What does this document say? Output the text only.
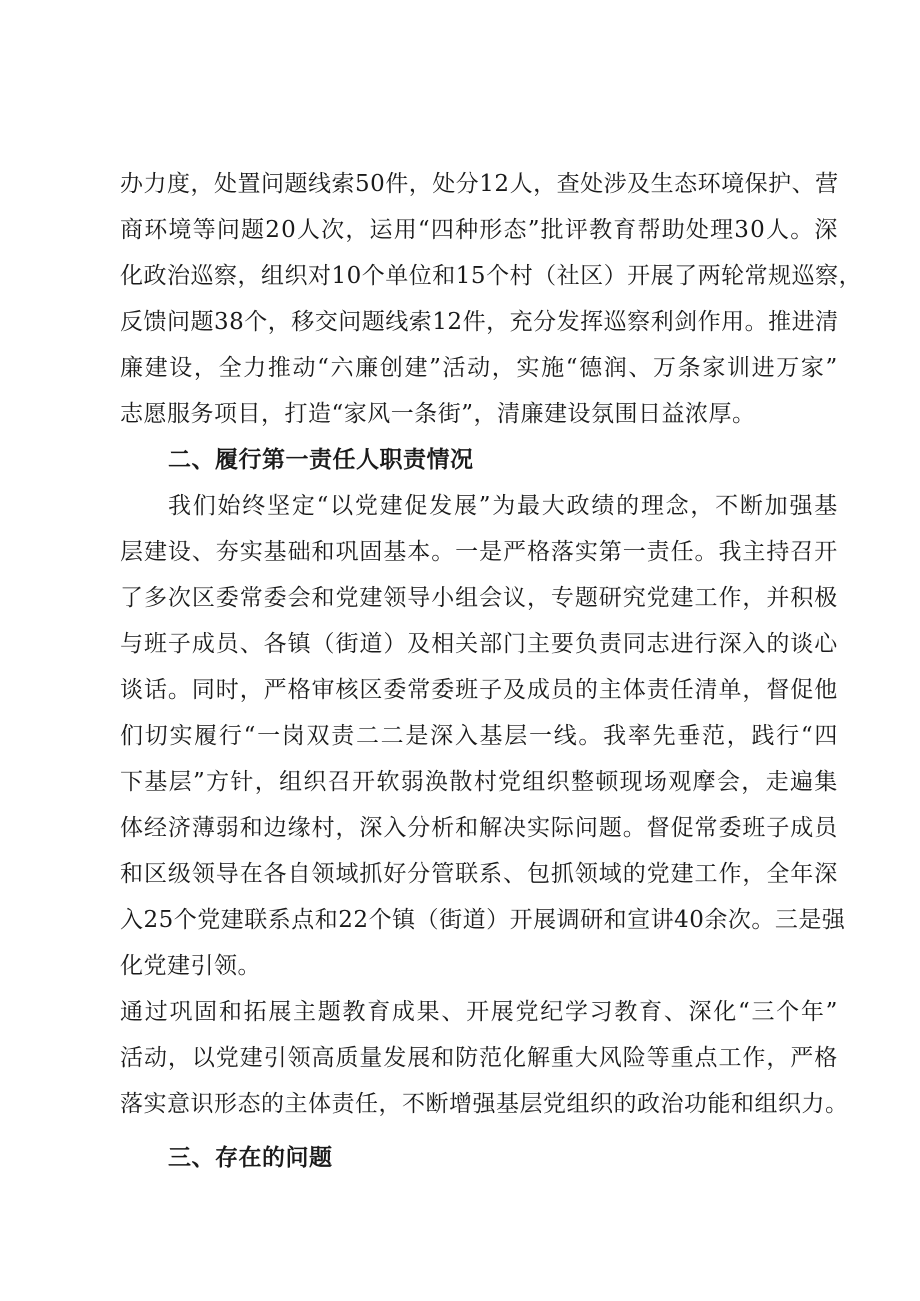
办 力 度 ， 处 置 问 题 线 索 5 0 件 ， 处 分 1 2 人 ， 查 处 涉 及 生 态 环 境 保 护 、 营
商 环 境 等 问 题 2 0 人 次 ， 运 用 “ 四 种 形 态 ” 批 评 教 育 帮 助 处 理 3 0 人 。 深
化 政 治 巡 察 ， 组 织 对 1 0 个 单 位 和 1 5 个 村 （ 社 区 ） 开 展 了 两 轮 常 规 巡 察 ，
反 馈 问 题 3 8 个 ， 移 交 问 题 线 索 1 2 件 ， 充 分 发 挥 巡 察 利 剑 作 用 。 推 进 清
廉 建 设 ， 全 力 推 动 “ 六 廉 创 建 ” 活 动 ， 实 施 “ 德 润 、 万 条 家 训 进 万 家 ”
志愿服务项目，打造“家风一条街”，清廉建设氛围日益浓厚。
二、履行第一责任人职责情况
我 们 始 终 坚 定 “ 以 党 建 促 发 展 ” 为 最 大 政 绩 的 理 念 ， 不 断 加 强 基
层 建 设 、 夯 实 基 础 和 巩 固 基 本 。 一 是 严 格 落 实 第 一 责 任 。 我 主 持 召 开
了 多 次 区 委 常 委 会 和 党 建 领 导 小 组 会 议 ， 专 题 研 究 党 建 工 作 ， 并 积 极
与 班 子 成 员 、 各 镇 （ 街 道 ） 及 相 关 部 门 主 要 负 责 同 志 进 行 深 入 的 谈 心
谈 话 。 同 时 ， 严 格 审 核 区 委 常 委 班 子 及 成 员 的 主 体 责 任 清 单 ， 督 促 他
们 切 实 履 行 “ 一 岗 双 责 二 二 是 深 入 基 层 一 线 。 我 率 先 垂 范 ， 践 行 “ 四
下 基 层 ” 方 针 ， 组 织 召 开 软 弱 涣 散 村 党 组 织 整 顿 现 场 观 摩 会 ， 走 遍 集
体 经 济 薄 弱 和 边 缘 村 ， 深 入 分 析 和 解 决 实 际 问 题 。 督 促 常 委 班 子 成 员
和 区 级 领 导 在 各 自 领 域 抓 好 分 管 联 系 、 包 抓 领 域 的 党 建 工 作 ， 全 年 深
入 2 5 个 党 建 联 系 点 和 2 2 个 镇 （ 街 道 ） 开 展 调 研 和 宣 讲 4 0 余 次 。 三 是 强
化党建引领。
通 过 巩 固 和 拓 展 主 题 教 育 成 果 、 开 展 党 纪 学 习 教 育 、 深 化 “ 三 个 年 ”
活 动 ， 以 党 建 引 领 高 质 量 发 展 和 防 范 化 解 重 大 风 险 等 重 点 工 作 ， 严 格
落 实 意 识 形 态 的 主 体 责 任 ， 不 断 增 强 基 层 党 组 织 的 政 治 功 能 和 组 织 力 。
三、存在的问题
